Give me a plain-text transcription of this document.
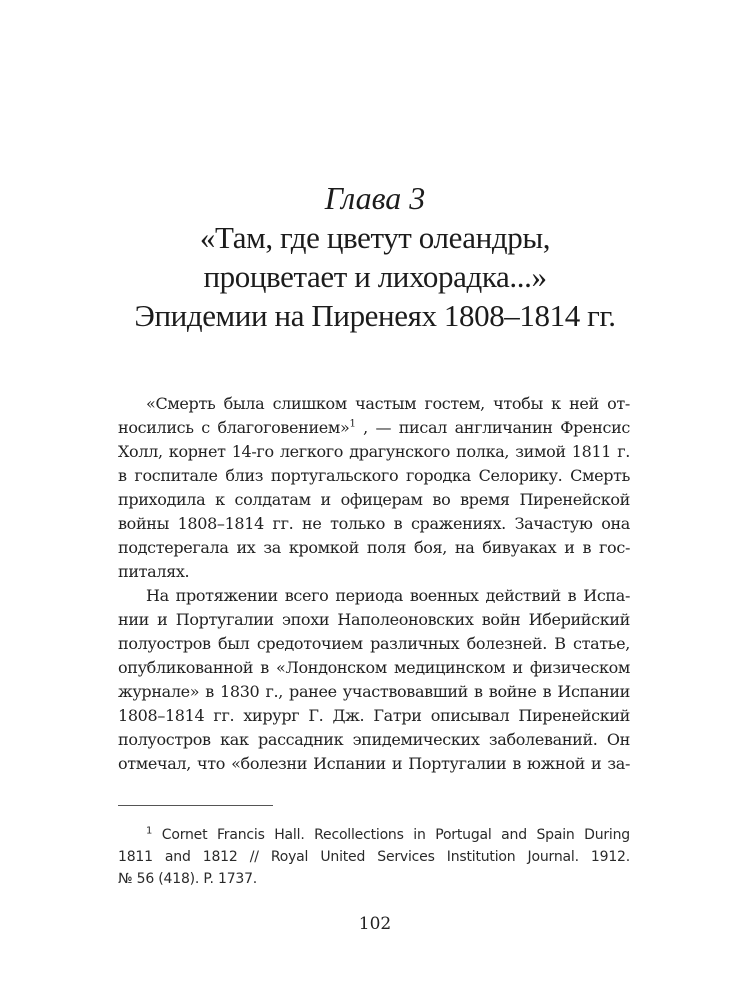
Глава 3
«Там, где цветут олеандры,
процветает и лихорадка...»
Эпидемии на Пиренеях 1808–1814 гг.
«Смерть была слишком частым гостем, чтобы к ней от-
носились с благоговением»$^1$ , — писал англичанин Френсис
Холл, корнет 14-го легкого драгунского полка, зимой 1811 г.
в госпитале близ португальского городка Селорику. Смерть
приходила к солдатам и офицерам во время Пиренейской
войны 1808–1814 гг. не только в сражениях. Зачастую она
подстерегала их за кромкой поля боя, на бивуаках и в гос-
питалях.
На протяжении всего периода военных действий в Испа-
нии и Португалии эпохи Наполеоновских войн Иберийский
полуостров был средоточием различных болезней. В статье,
опубликованной в «Лондонском медицинском и физическом
журнале» в 1830 г., ранее участвовавший в войне в Испании
1808–1814 гг. хирург Г. Дж. Гатри описывал Пиренейский
полуостров как рассадник эпидемических заболеваний. Он
отмечал, что «болезни Испании и Португалии в южной и за-
$^1$ Cornet Francis Hall. Recollections in Portugal and Spain During
1811 and 1812 // Royal United Services Institution Journal. 1912.
№ 56 (418). P. 1737.
102
